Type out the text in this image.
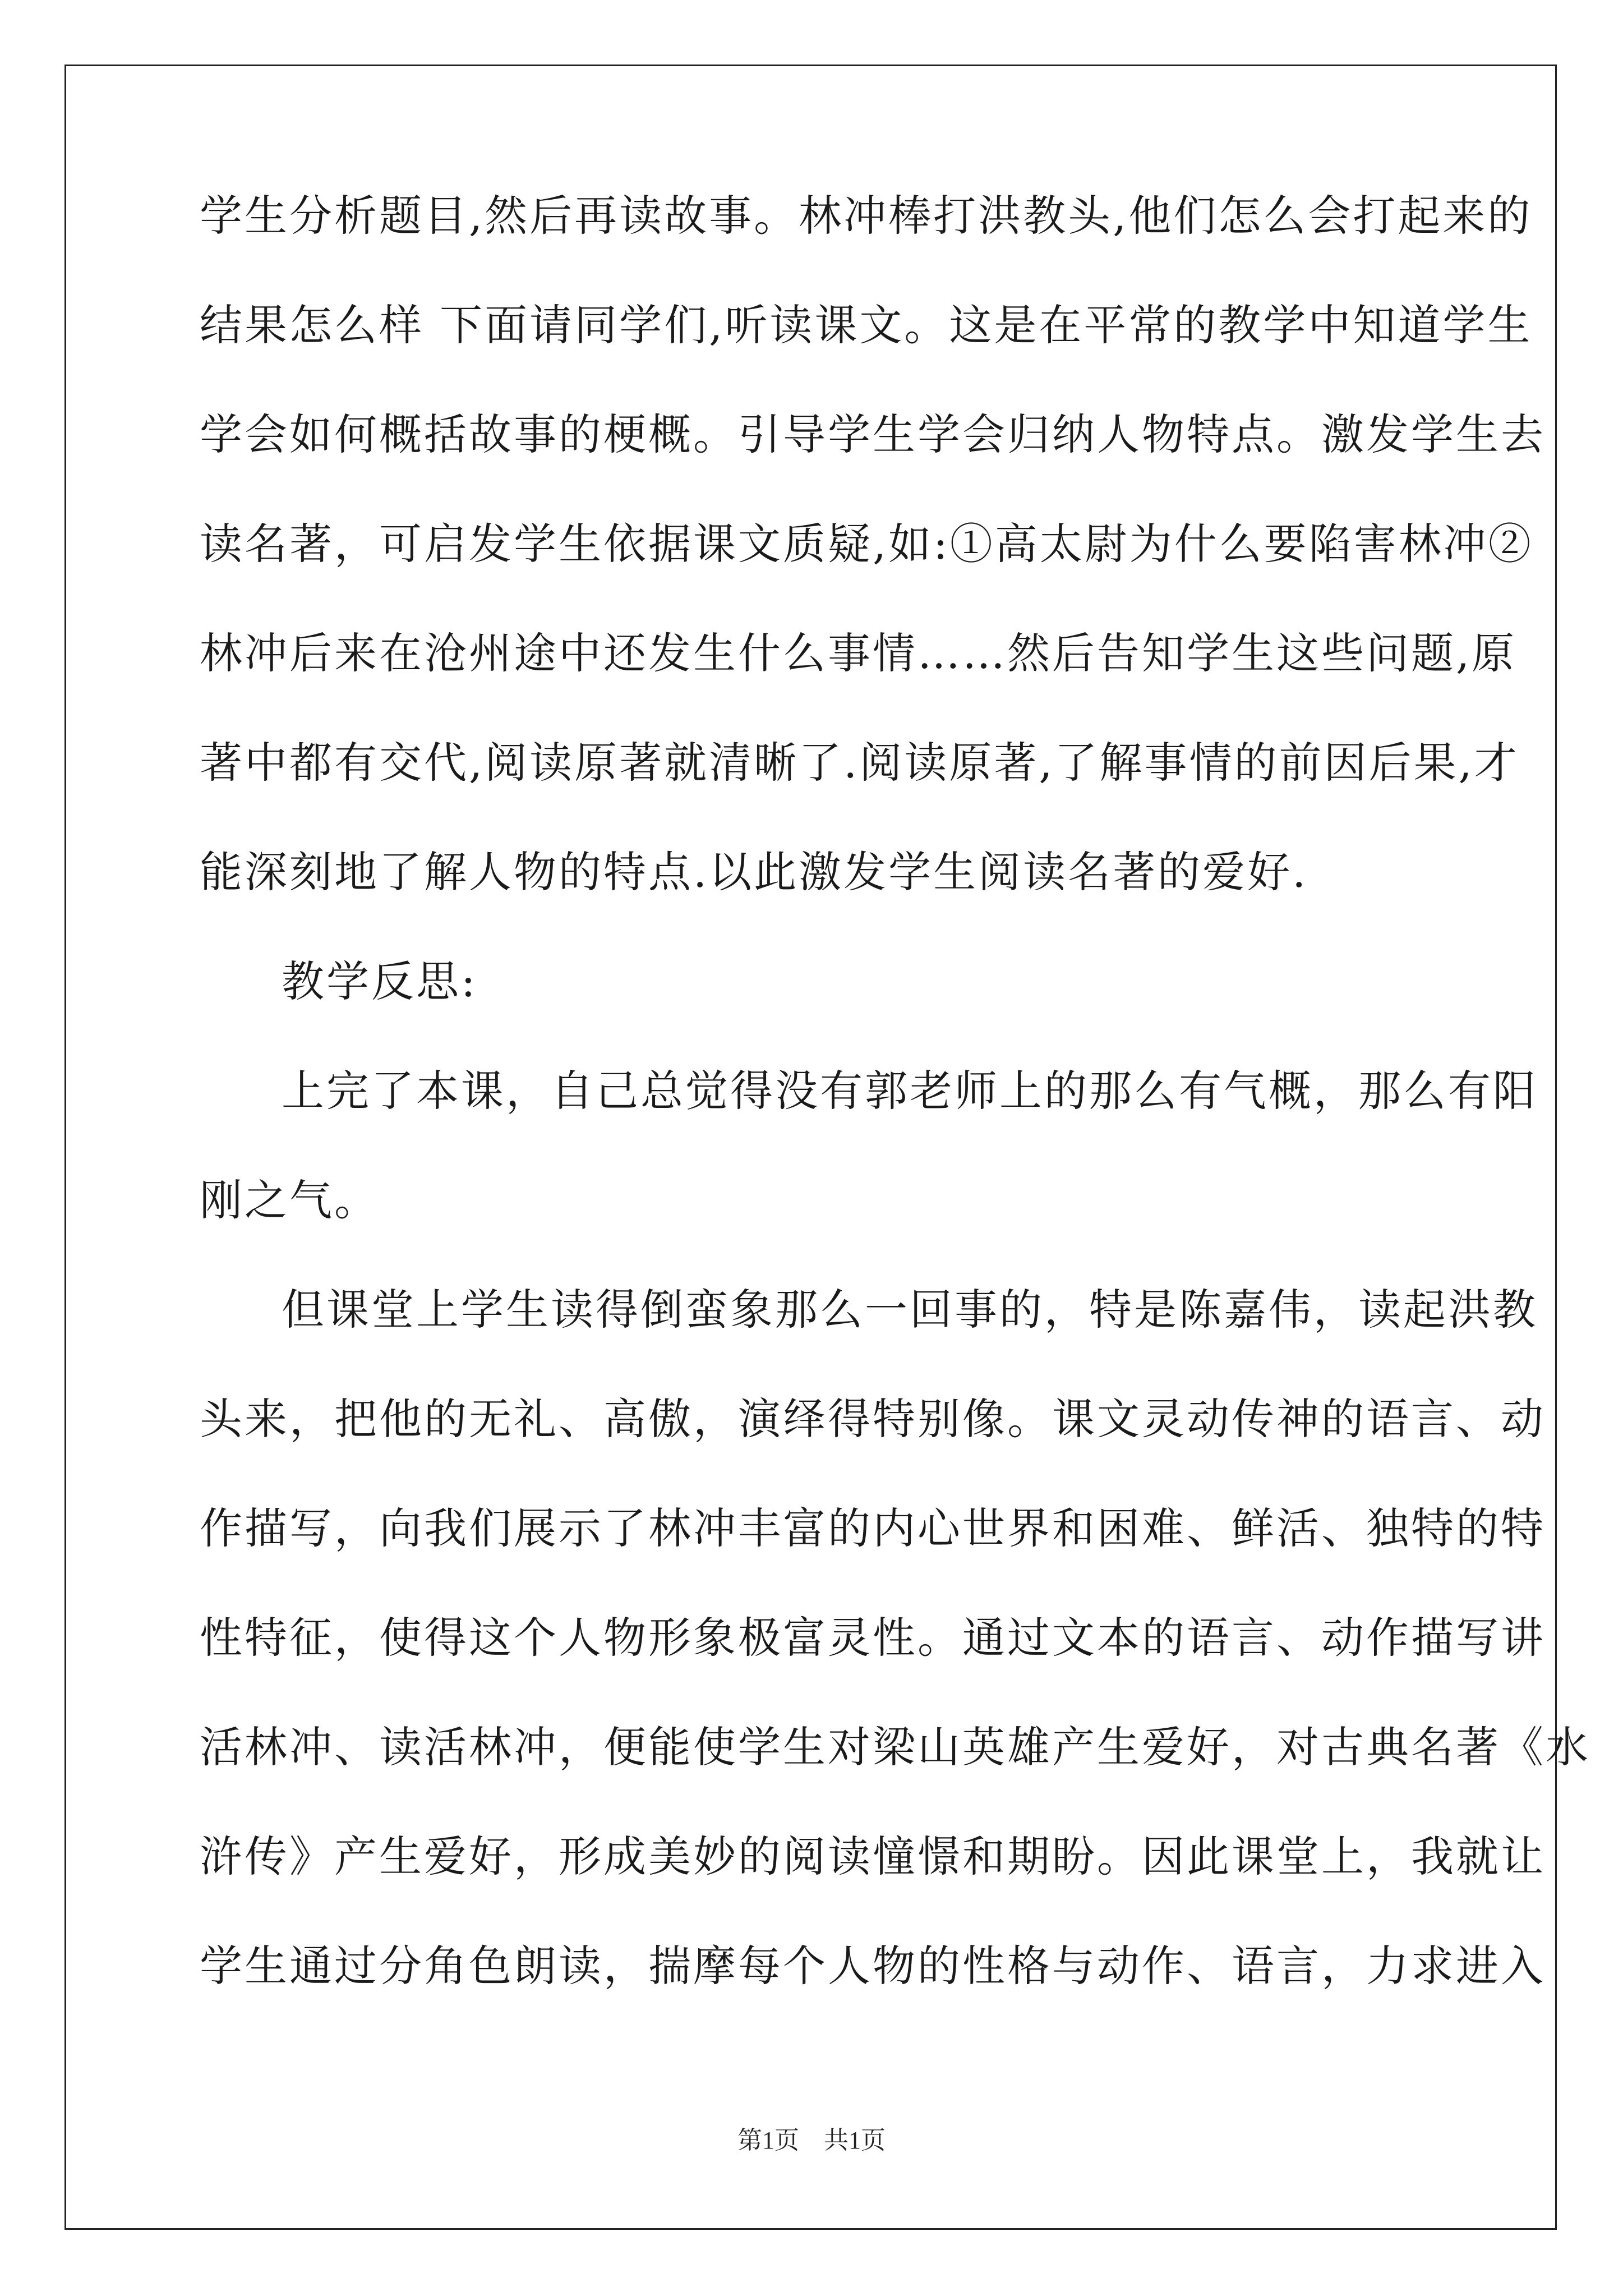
学生分析题目,然后再读故事。林冲棒打洪教头,他们怎么会打起来的
结果怎么样 下面请同学们,听读课文。这是在平常的教学中知道学生
学会如何概括故事的梗概。引导学生学会归纳人物特点。激发学生去
读名著，可启发学生依据课文质疑,如:①高太尉为什么要陷害林冲②
林冲后来在沧州途中还发生什么事情……然后告知学生这些问题,原
著中都有交代,阅读原著就清晰了.阅读原著,了解事情的前因后果,才
能深刻地了解人物的特点.以此激发学生阅读名著的爱好.
教学反思:
上完了本课，自己总觉得没有郭老师上的那么有气概，那么有阳
刚之气。
但课堂上学生读得倒蛮象那么一回事的，特是陈嘉伟，读起洪教
头来，把他的无礼、高傲，演绎得特别像。课文灵动传神的语言、动
作描写，向我们展示了林冲丰富的内心世界和困难、鲜活、独特的特
性特征，使得这个人物形象极富灵性。通过文本的语言、动作描写讲
活林冲、读活林冲，便能使学生对梁山英雄产生爱好，对古典名著《水
浒传》产生爱好，形成美妙的阅读憧憬和期盼。因此课堂上，我就让
学生通过分角色朗读，揣摩每个人物的性格与动作、语言，力求进入
第1页　共1页
